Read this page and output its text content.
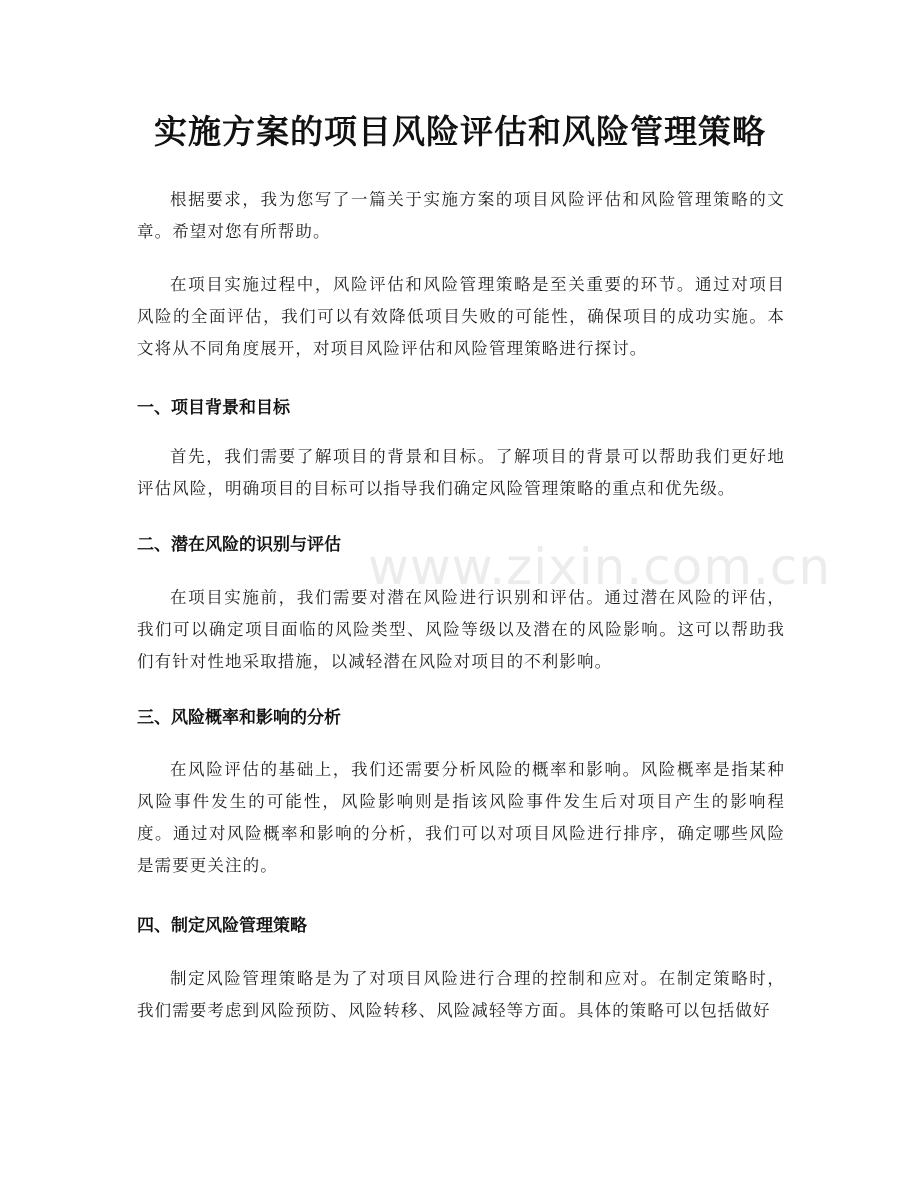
实施方案的项目风险评估和风险管理策略
根据要求，我为您写了一篇关于实施方案的项目风险评估和风险管理策略的文章。希望对您有所帮助。
在项目实施过程中，风险评估和风险管理策略是至关重要的环节。通过对项目风险的全面评估，我们可以有效降低项目失败的可能性，确保项目的成功实施。本文将从不同角度展开，对项目风险评估和风险管理策略进行探讨。
一、项目背景和目标
首先，我们需要了解项目的背景和目标。了解项目的背景可以帮助我们更好地评估风险，明确项目的目标可以指导我们确定风险管理策略的重点和优先级。
二、潜在风险的识别与评估
在项目实施前，我们需要对潜在风险进行识别和评估。通过潜在风险的评估，我们可以确定项目面临的风险类型、风险等级以及潜在的风险影响。这可以帮助我们有针对性地采取措施，以减轻潜在风险对项目的不利影响。
三、风险概率和影响的分析
在风险评估的基础上，我们还需要分析风险的概率和影响。风险概率是指某种风险事件发生的可能性，风险影响则是指该风险事件发生后对项目产生的影响程度。通过对风险概率和影响的分析，我们可以对项目风险进行排序，确定哪些风险是需要更关注的。
四、制定风险管理策略
制定风险管理策略是为了对项目风险进行合理的控制和应对。在制定策略时，我们需要考虑到风险预防、风险转移、风险减轻等方面。具体的策略可以包括做好
www.zixin.com.cn
